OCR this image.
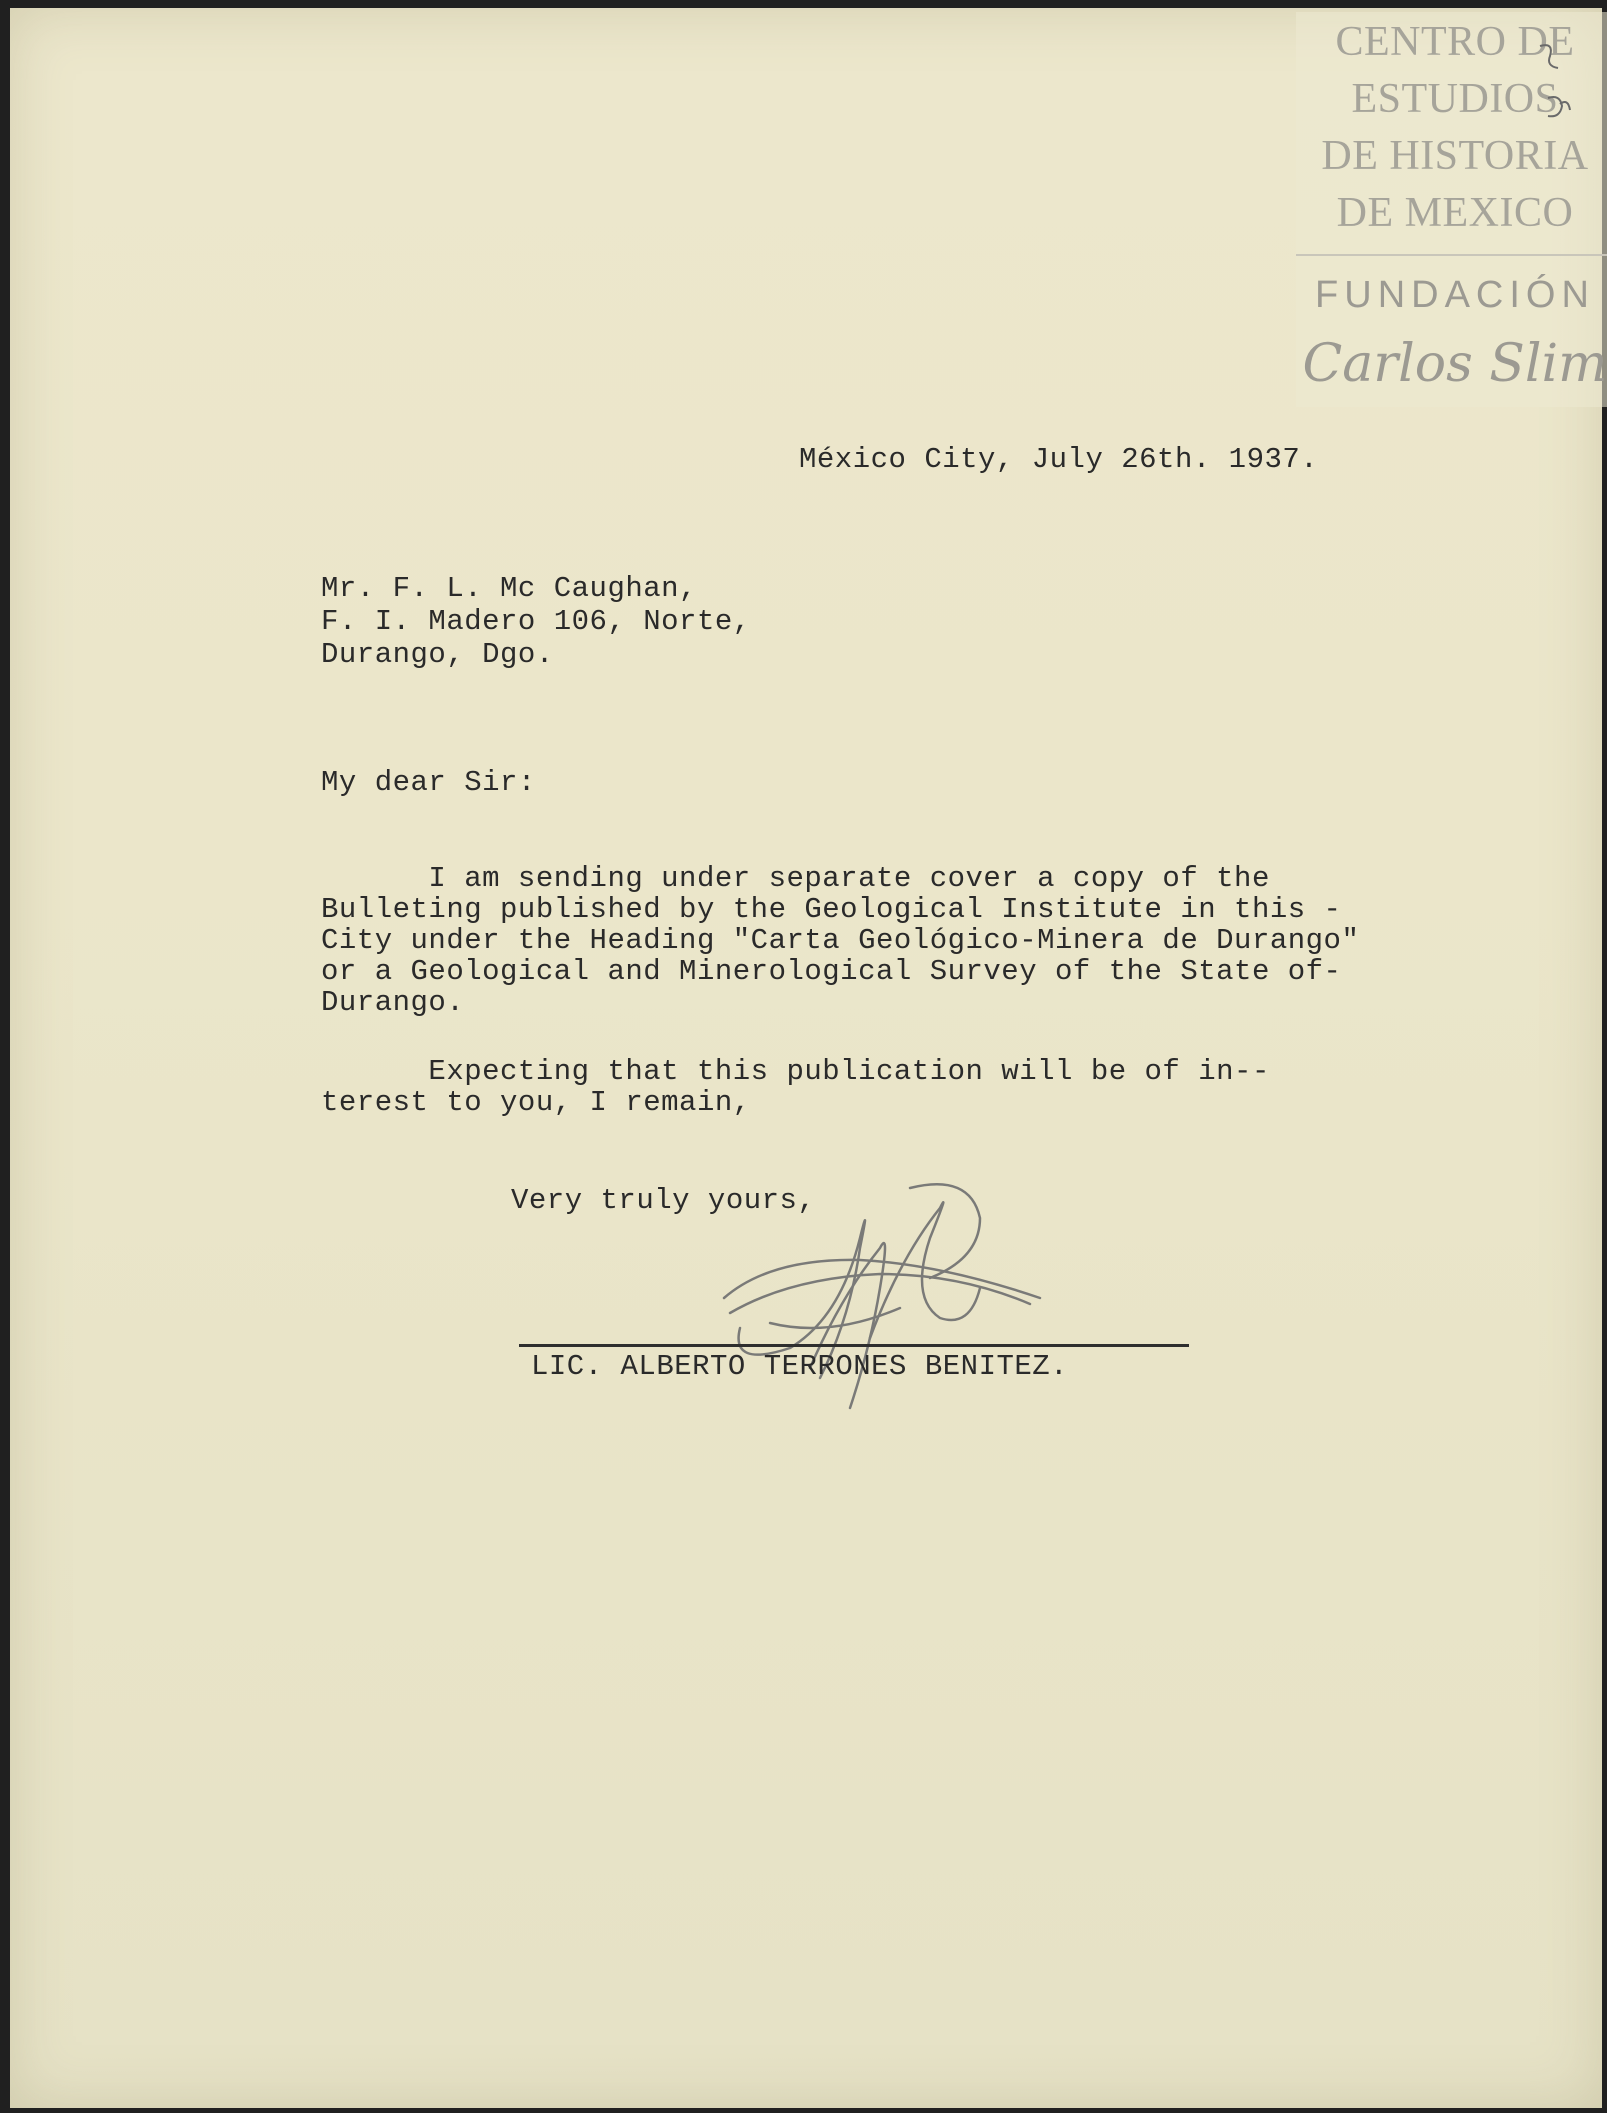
CENTRO DE
ESTUDIOS
DE HISTORIA
DE MEXICO
FUNDACIÓN
Carlos Slim
México City, July 26th. 1937.
Mr. F. L. Mc Caughan,
F. I. Madero 106, Norte,
Durango, Dgo.
My dear Sir:
I am sending under separate cover a copy of the
Bulleting published by the Geological Institute in this -
City under the Heading "Carta Geológico-Minera de Durango"
or a Geological and Minerological Survey of the State of-
Durango.
Expecting that this publication will be of in--
terest to you, I remain,
Very truly yours,
LIC. ALBERTO TERRONES BENITEZ.
